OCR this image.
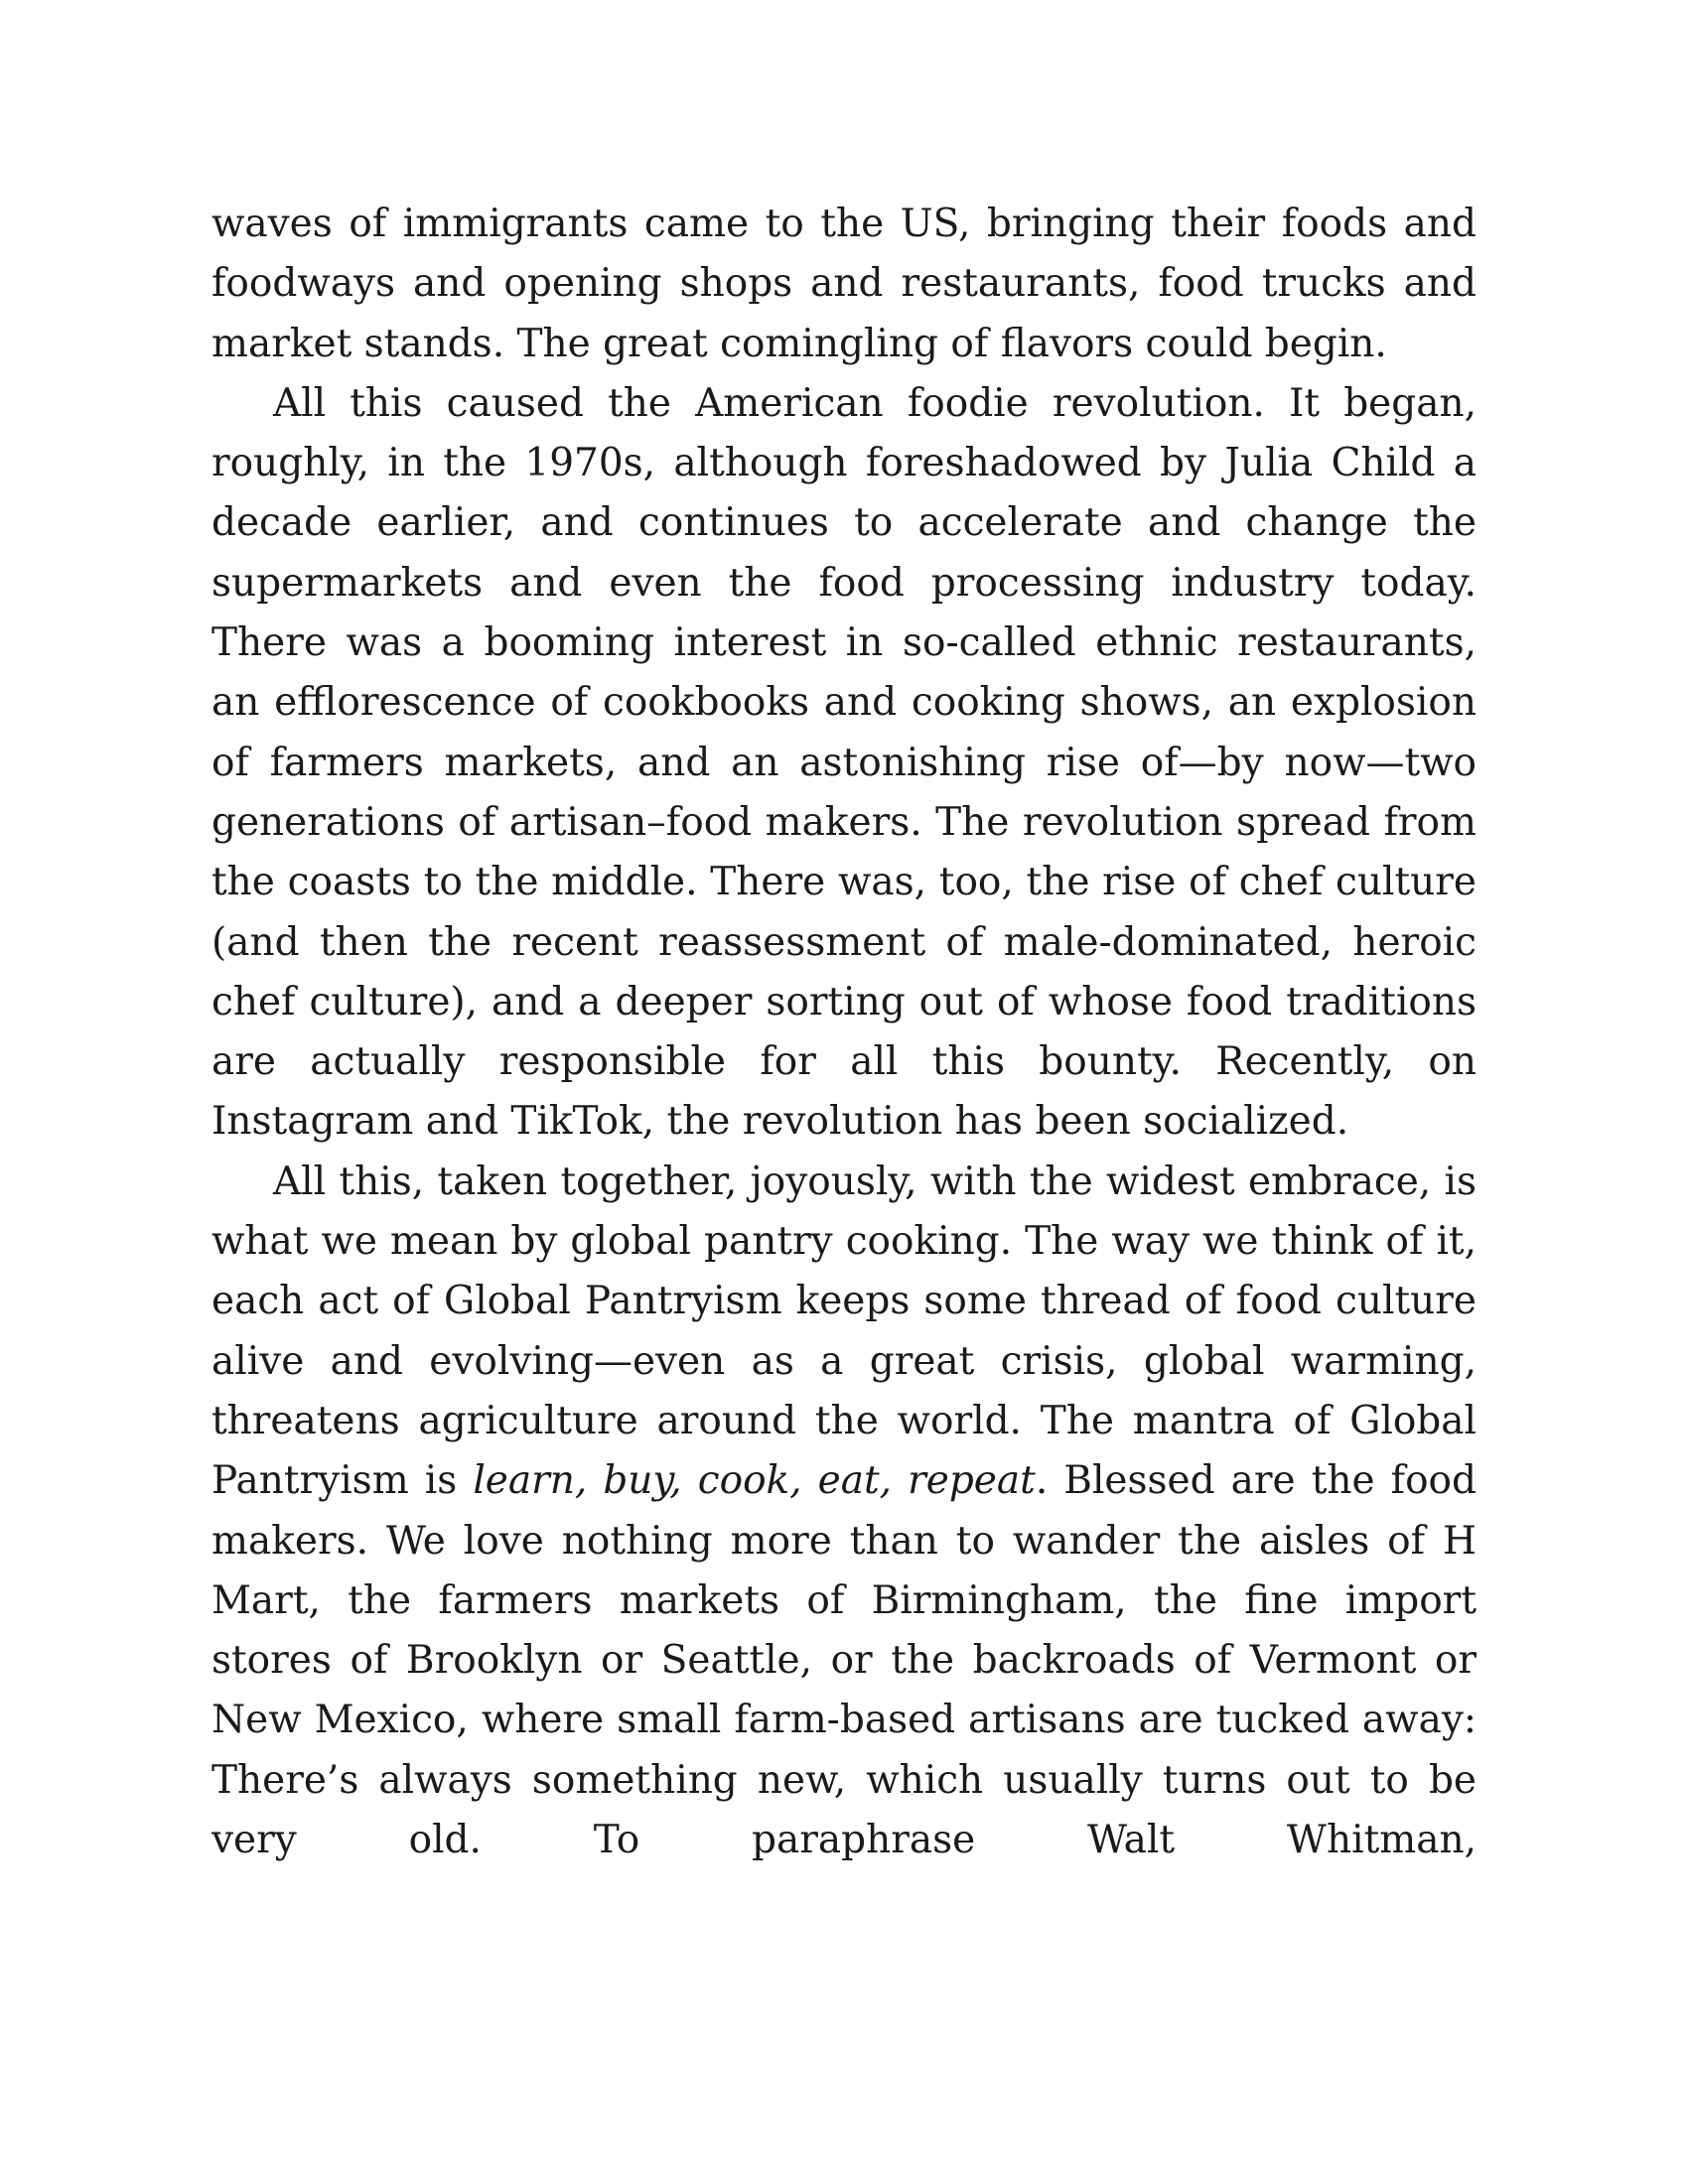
waves of immigrants came to the US, bringing their foods and foodways and opening shops and restaurants, food trucks and market stands. The great comingling of flavors could begin.

All this caused the American foodie revolution. It began, roughly, in the 1970s, although foreshadowed by Julia Child a decade earlier, and continues to accelerate and change the supermarkets and even the food processing industry today. There was a booming interest in so-called ethnic restaurants, an efflorescence of cookbooks and cooking shows, an explosion of farmers markets, and an astonishing rise of—by now—two generations of artisan–food makers. The revolution spread from the coasts to the middle. There was, too, the rise of chef culture (and then the recent reassessment of male-dominated, heroic chef culture), and a deeper sorting out of whose food traditions are actually responsible for all this bounty. Recently, on Instagram and TikTok, the revolution has been socialized.

All this, taken together, joyously, with the widest embrace, is what we mean by global pantry cooking. The way we think of it, each act of Global Pantryism keeps some thread of food culture alive and evolving—even as a great crisis, global warming, threatens agriculture around the world. The mantra of Global Pantryism is learn, buy, cook, eat, repeat. Blessed are the food makers. We love nothing more than to wander the aisles of H Mart, the farmers markets of Birmingham, the fine import stores of Brooklyn or Seattle, or the backroads of Vermont or New Mexico, where small farm-based artisans are tucked away: There’s always something new, which usually turns out to be very old. To paraphrase Walt Whitman,
